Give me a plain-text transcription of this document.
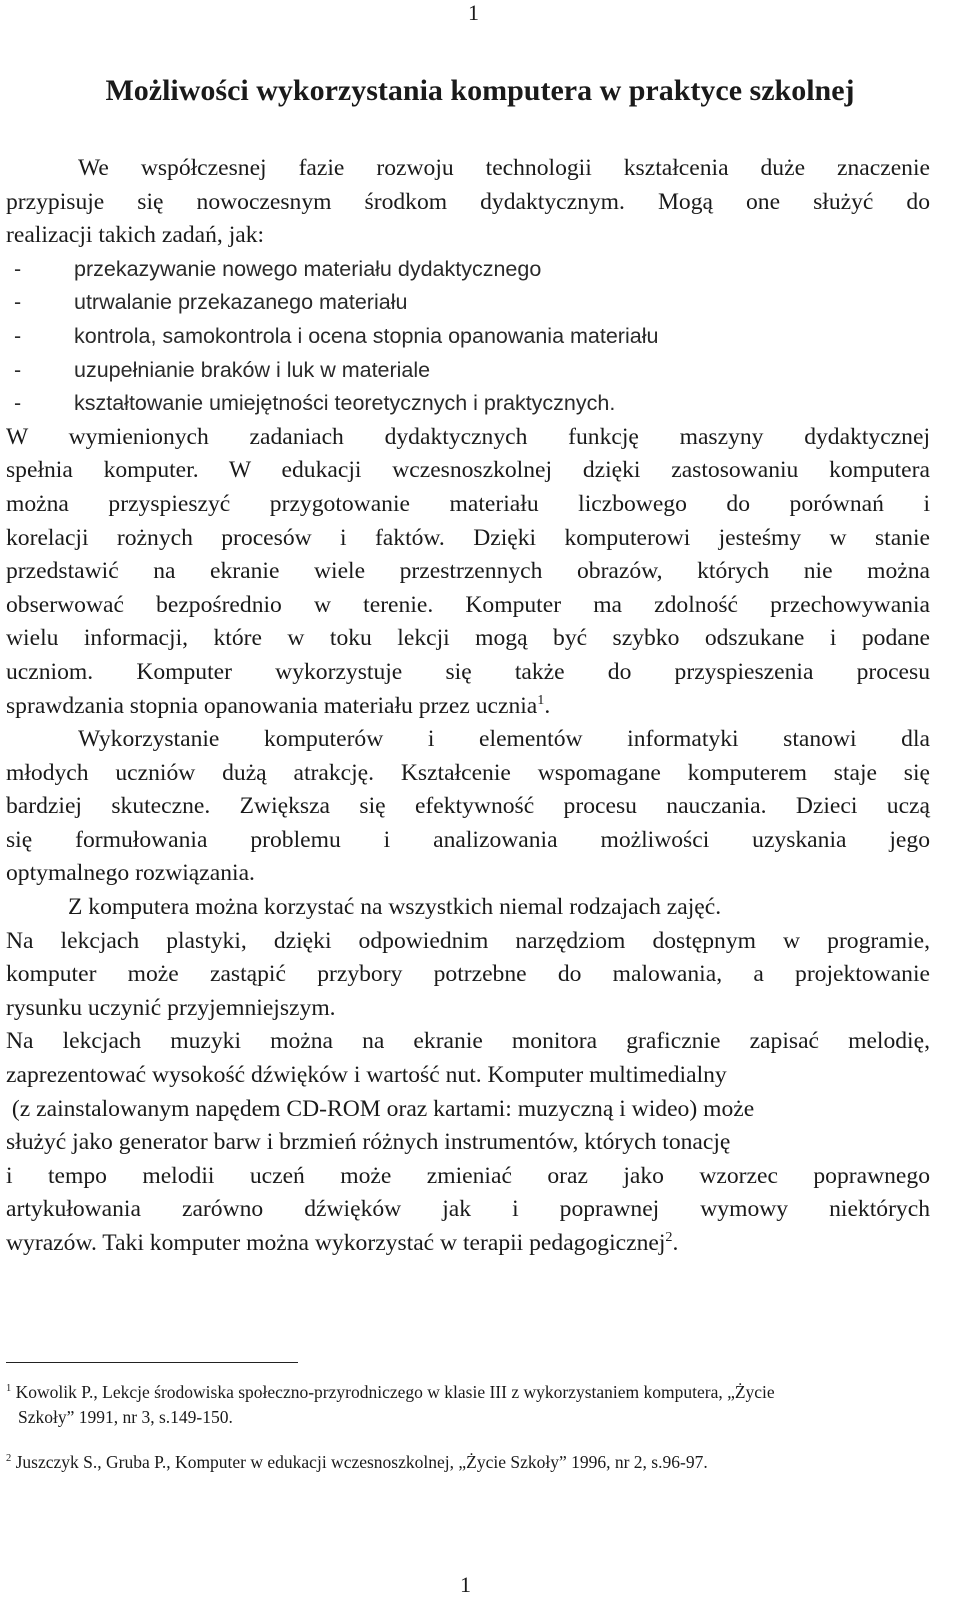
1
Możliwości wykorzystania komputera w praktyce szkolnej

We współczesnej fazie rozwoju technologii kształcenia duże znaczenie
przypisuje się nowoczesnym środkom dydaktycznym. Mogą one służyć do
realizacji takich zadań, jak:

- przekazywanie nowego materiału dydaktycznego
- utrwalanie przekazanego materiału
- kontrola, samokontrola i ocena stopnia opanowania materiału
- uzupełnianie braków i luk w materiale
- kształtowanie umiejętności teoretycznych i praktycznych.

W wymienionych zadaniach dydaktycznych funkcję maszyny dydaktycznej
spełnia komputer. W edukacji wczesnoszkolnej dzięki zastosowaniu komputera
można przyspieszyć przygotowanie materiału liczbowego do porównań i
korelacji rożnych procesów i faktów. Dzięki komputerowi jesteśmy w stanie
przedstawić na ekranie wiele przestrzennych obrazów, których nie można
obserwować bezpośrednio w terenie. Komputer ma zdolność przechowywania
wielu informacji, które w toku lekcji mogą być szybko odszukane i podane
uczniom. Komputer wykorzystuje się także do przyspieszenia procesu
sprawdzania stopnia opanowania materiału przez ucznia$^1$.

Wykorzystanie komputerów i elementów informatyki stanowi dla
młodych uczniów dużą atrakcję. Kształcenie wspomagane komputerem staje się
bardziej skuteczne. Zwiększa się efektywność procesu nauczania. Dzieci uczą
się formułowania problemu i analizowania możliwości uzyskania jego
optymalnego rozwiązania.

Z komputera można korzystać na wszystkich niemal rodzajach zajęć.

Na lekcjach plastyki, dzięki odpowiednim narzędziom dostępnym w programie,
komputer może zastąpić przybory potrzebne do malowania, a projektowanie
rysunku uczynić przyjemniejszym.

Na lekcjach muzyki można na ekranie monitora graficznie zapisać melodię,
zaprezentować wysokość dźwięków i wartość nut. Komputer multimedialny
(z zainstalowanym napędem CD-ROM oraz kartami: muzyczną i wideo) może
służyć jako generator barw i brzmień różnych instrumentów, których tonację
i tempo melodii uczeń może zmieniać oraz jako wzorzec poprawnego
artykułowania zarówno dźwięków jak i poprawnej wymowy niektórych
wyrazów. Taki komputer można wykorzystać w terapii pedagogicznej$^2$.

$^1$ Kowolik P., Lekcje środowiska społeczno-przyrodniczego w klasie III z wykorzystaniem komputera, „Życie
Szkoły” 1991, nr 3, s.149-150.
$^2$ Juszczyk S., Gruba P., Komputer w edukacji wczesnoszkolnej, „Życie Szkoły” 1996, nr 2, s.96-97.
1
